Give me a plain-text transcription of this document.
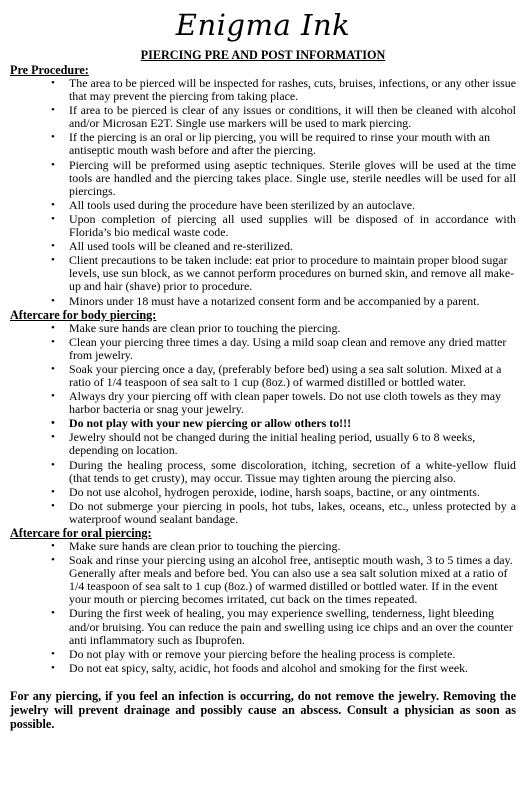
Enigma Ink
PIERCING PRE AND POST INFORMATION
Pre Procedure:
• The area to be pierced will be inspected for rashes, cuts, bruises, infections, or any other issue that may prevent the piercing from taking place.
• If area to be pierced is clear of any issues or conditions, it will then be cleaned with alcohol and/or Microsan E2T. Single use markers will be used to mark piercing.
• If the piercing is an oral or lip piercing, you will be required to rinse your mouth with an antiseptic mouth wash before and after the piercing.
• Piercing will be preformed using aseptic techniques. Sterile gloves will be used at the time tools are handled and the piercing takes place. Single use, sterile needles will be used for all piercings.
• All tools used during the procedure have been sterilized by an autoclave.
• Upon completion of piercing all used supplies will be disposed of in accordance with Florida’s bio medical waste code.
• All used tools will be cleaned and re-sterilized.
• Client precautions to be taken include: eat prior to procedure to maintain proper blood sugar levels, use sun block, as we cannot perform procedures on burned skin, and remove all make-up and hair (shave) prior to procedure.
• Minors under 18 must have a notarized consent form and be accompanied by a parent.
Aftercare for body piercing:
• Make sure hands are clean prior to touching the piercing.
• Clean your piercing three times a day. Using a mild soap clean and remove any dried matter from jewelry.
• Soak your piercing once a day, (preferably before bed) using a sea salt solution. Mixed at a ratio of 1/4 teaspoon of sea salt to 1 cup (8oz.) of warmed distilled or bottled water.
• Always dry your piercing off with clean paper towels. Do not use cloth towels as they may harbor bacteria or snag your jewelry.
• Do not play with your new piercing or allow others to!!!
• Jewelry should not be changed during the initial healing period, usually 6 to 8 weeks, depending on location.
• During the healing process, some discoloration, itching, secretion of a white-yellow fluid (that tends to get crusty), may occur. Tissue may tighten aroung the piercing also.
• Do not use alcohol, hydrogen peroxide, iodine, harsh soaps, bactine, or any ointments.
• Do not submerge your piercing in pools, hot tubs, lakes, oceans, etc., unless protected by a waterproof wound sealant bandage.
Aftercare for oral piercing:
• Make sure hands are clean prior to touching the piercing.
• Soak and rinse your piercing using an alcohol free, antiseptic mouth wash, 3 to 5 times a day. Generally after meals and before bed. You can also use a sea salt solution mixed at a ratio of 1/4 teaspoon of sea salt to 1 cup (8oz.) of warmed distilled or bottled water. If in the event your mouth or piercing becomes irritated, cut back on the times repeated.
• During the first week of healing, you may experience swelling, tenderness, light bleeding and/or bruising. You can reduce the pain and swelling using ice chips and an over the counter anti inflammatory such as Ibuprofen.
• Do not play with or remove your piercing before the healing process is complete.
• Do not eat spicy, salty, acidic, hot foods and alcohol and smoking for the first week.
For any piercing, if you feel an infection is occurring, do not remove the jewelry. Removing the jewelry will prevent drainage and possibly cause an abscess. Consult a physician as soon as possible.
